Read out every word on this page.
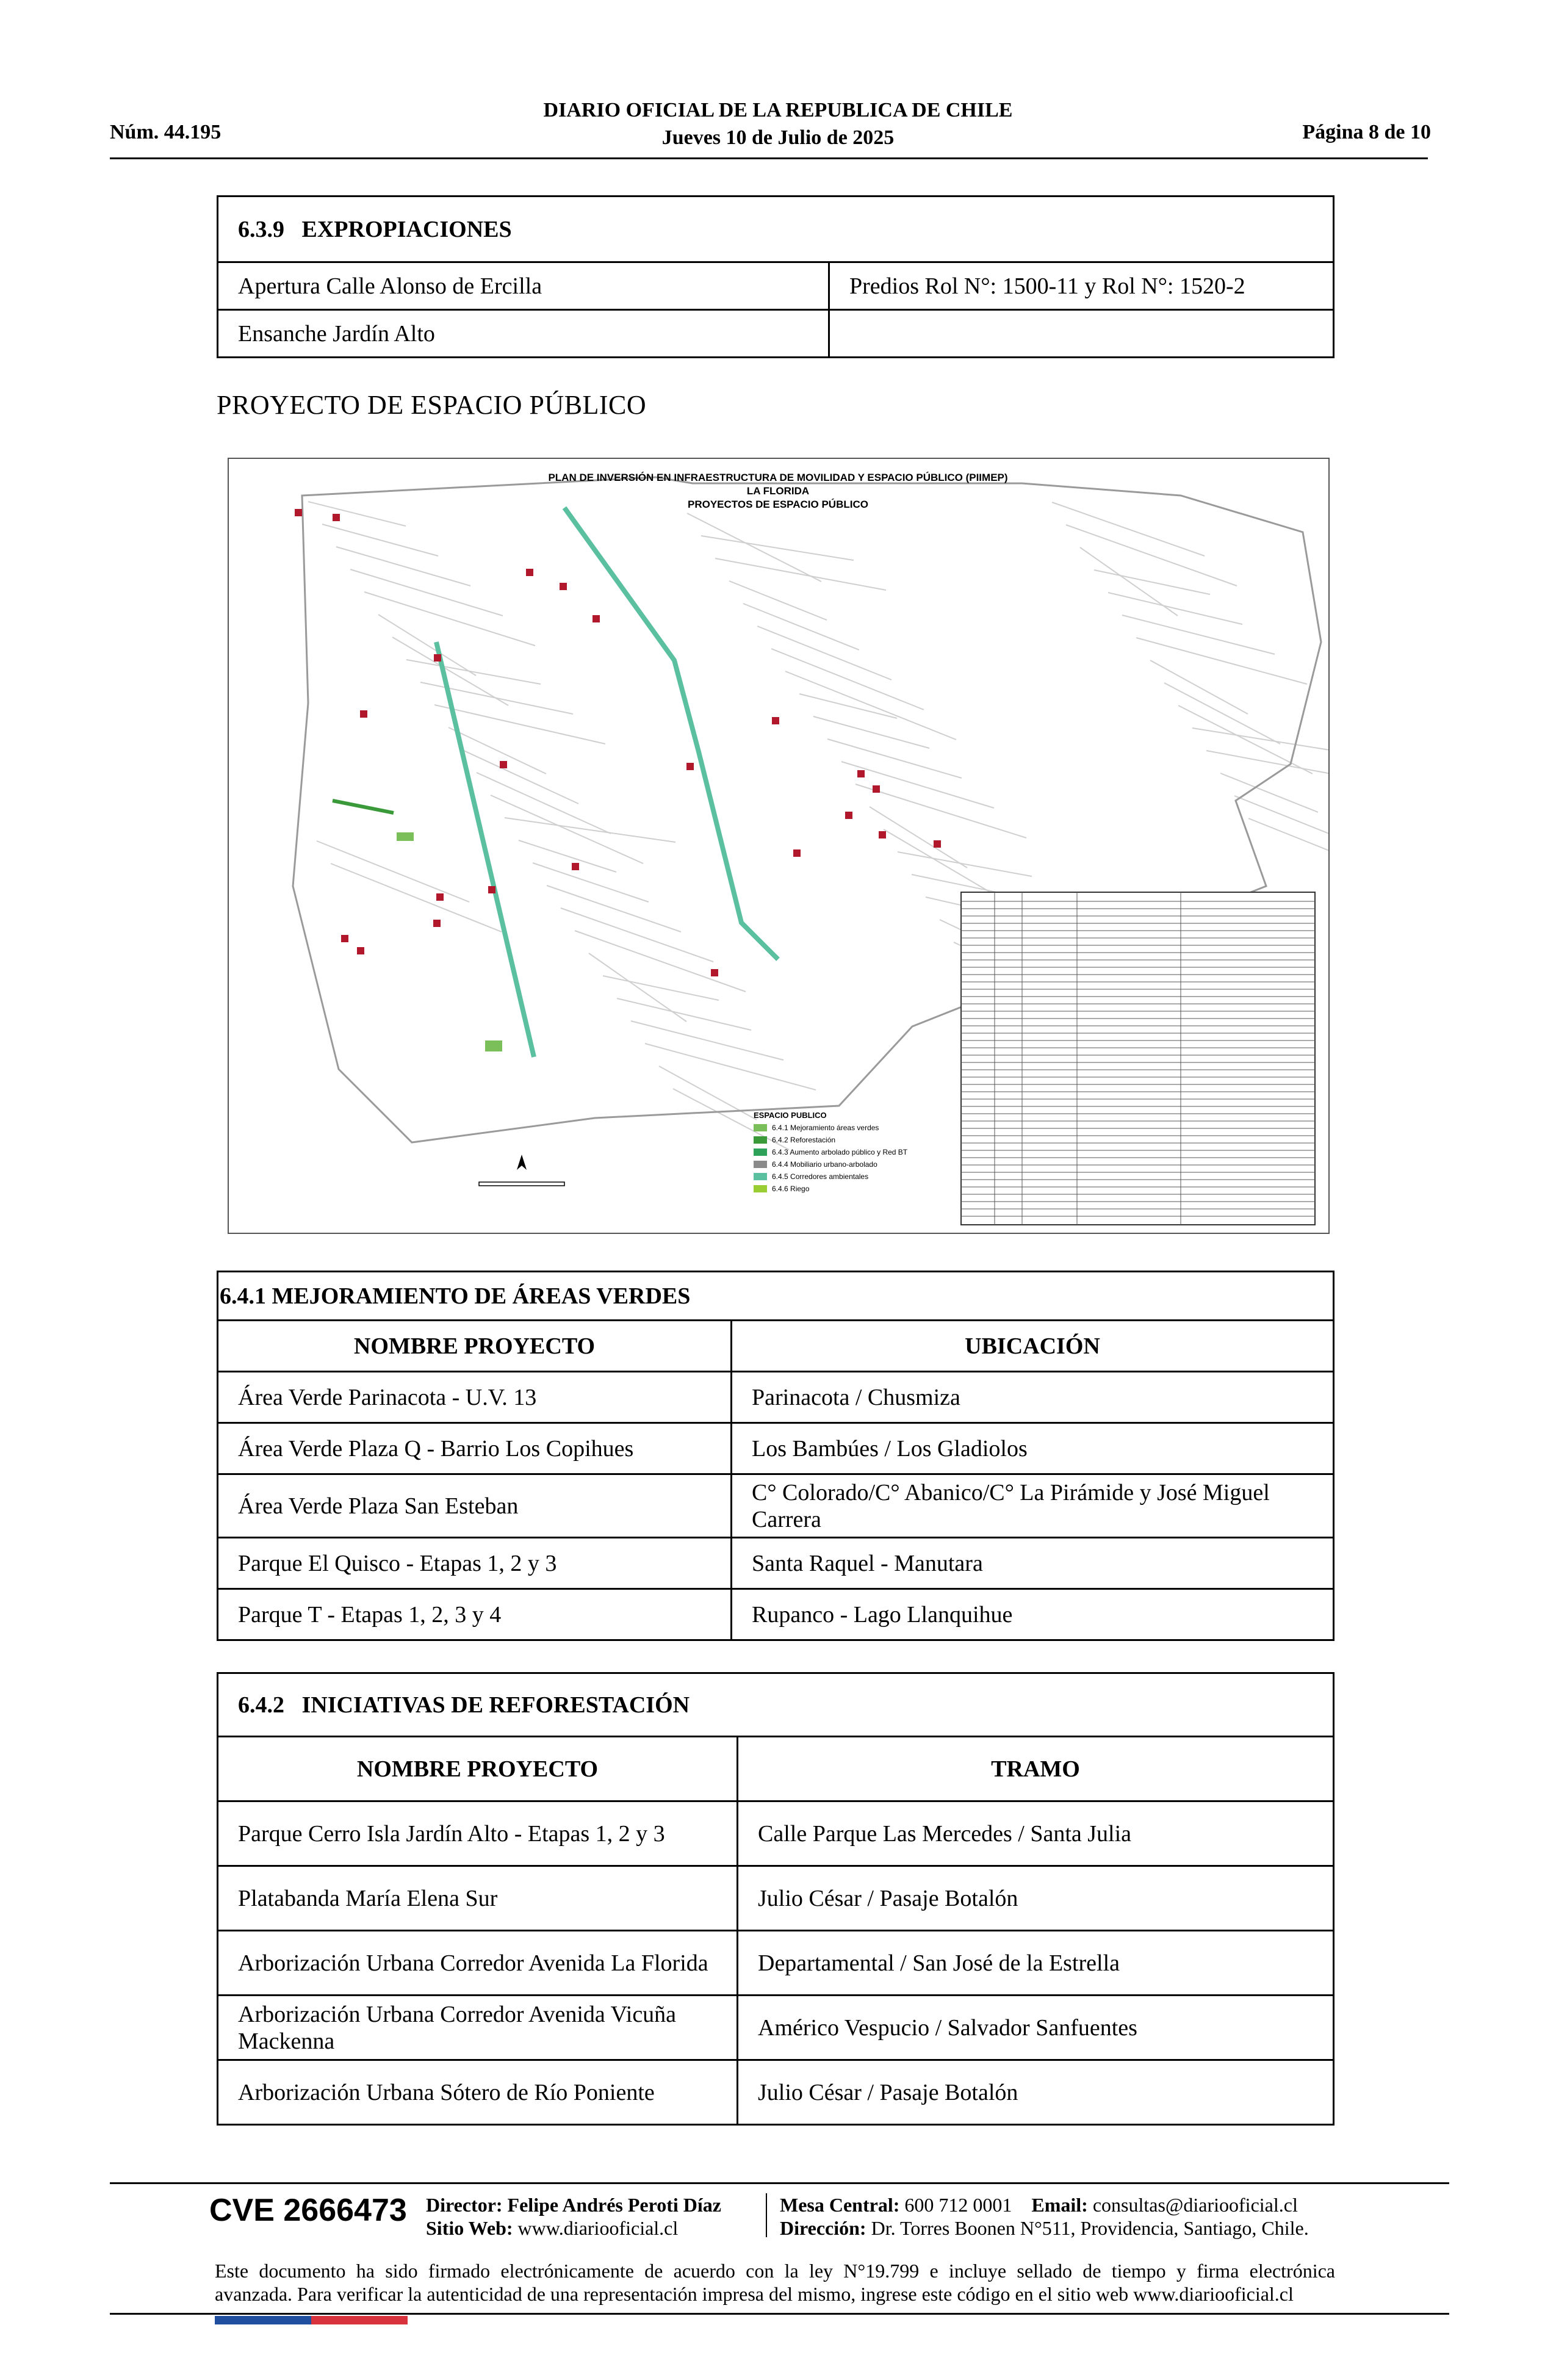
Núm. 44.195
DIARIO OFICIAL DE LA REPUBLICA DE CHILE
Jueves 10 de Julio de 2025	Página 8 de 10
6.3.9   EXPROPIACIONES	
Apertura Calle Alonso de Ercilla	Predios Rol N°: 1500-11 y Rol N°: 1520-2
Ensanche Jardín Alto	
PROYECTO DE ESPACIO PÚBLICO
PLAN DE INVERSIÓN EN INFRAESTRUCTURA DE MOVILIDAD Y ESPACIO PÚBLICO (PIIMEP)
LA FLORIDA
PROYECTOS DE ESPACIO PÚBLICO
ESPACIO PUBLICO
6.4.1 Mejoramiento áreas verdes
6.4.2 Reforestación
6.4.3 Aumento arbolado público y Red BT
6.4.4 Mobiliario urbano-arbolado
6.4.5 Corredores ambientales
6.4.6 Riego
6.4.1 MEJORAMIENTO DE ÁREAS VERDES	
NOMBRE PROYECTO	UBICACIÓN
Área Verde Parinacota - U.V. 13	Parinacota / Chusmiza
Área Verde Plaza Q - Barrio Los Copihues	Los Bambúes / Los Gladiolos
Área Verde Plaza San Esteban	C° Colorado/C° Abanico/C° La Pirámide y José Miguel Carrera
Parque El Quisco - Etapas 1, 2 y 3	Santa Raquel - Manutara
Parque T - Etapas 1, 2, 3 y 4	Rupanco - Lago Llanquihue
6.4.2   INICIATIVAS DE REFORESTACIÓN	
NOMBRE PROYECTO	TRAMO
Parque Cerro Isla Jardín Alto - Etapas 1, 2 y 3	Calle Parque Las Mercedes / Santa Julia
Platabanda María Elena Sur	Julio César / Pasaje Botalón
Arborización Urbana Corredor Avenida La Florida	Departamental / San José de la Estrella
Arborización Urbana Corredor Avenida Vicuña Mackenna	Américo Vespucio / Salvador Sanfuentes
Arborización Urbana Sótero de Río Poniente	Julio César / Pasaje Botalón
CVE 2666473 Director: Felipe Andrés Peroti Díaz
Sitio Web: www.diariooficial.cl
Mesa Central: 600 712 0001 Email: consultas@diariooficial.cl
Dirección: Dr. Torres Boonen N°511, Providencia, Santiago, Chile.
Este documento ha sido firmado electrónicamente de acuerdo con la ley N°19.799 e incluye sellado de tiempo y firma electrónica
avanzada. Para verificar la autenticidad de una representación impresa del mismo, ingrese este código en el sitio web www.diariooficial.cl
